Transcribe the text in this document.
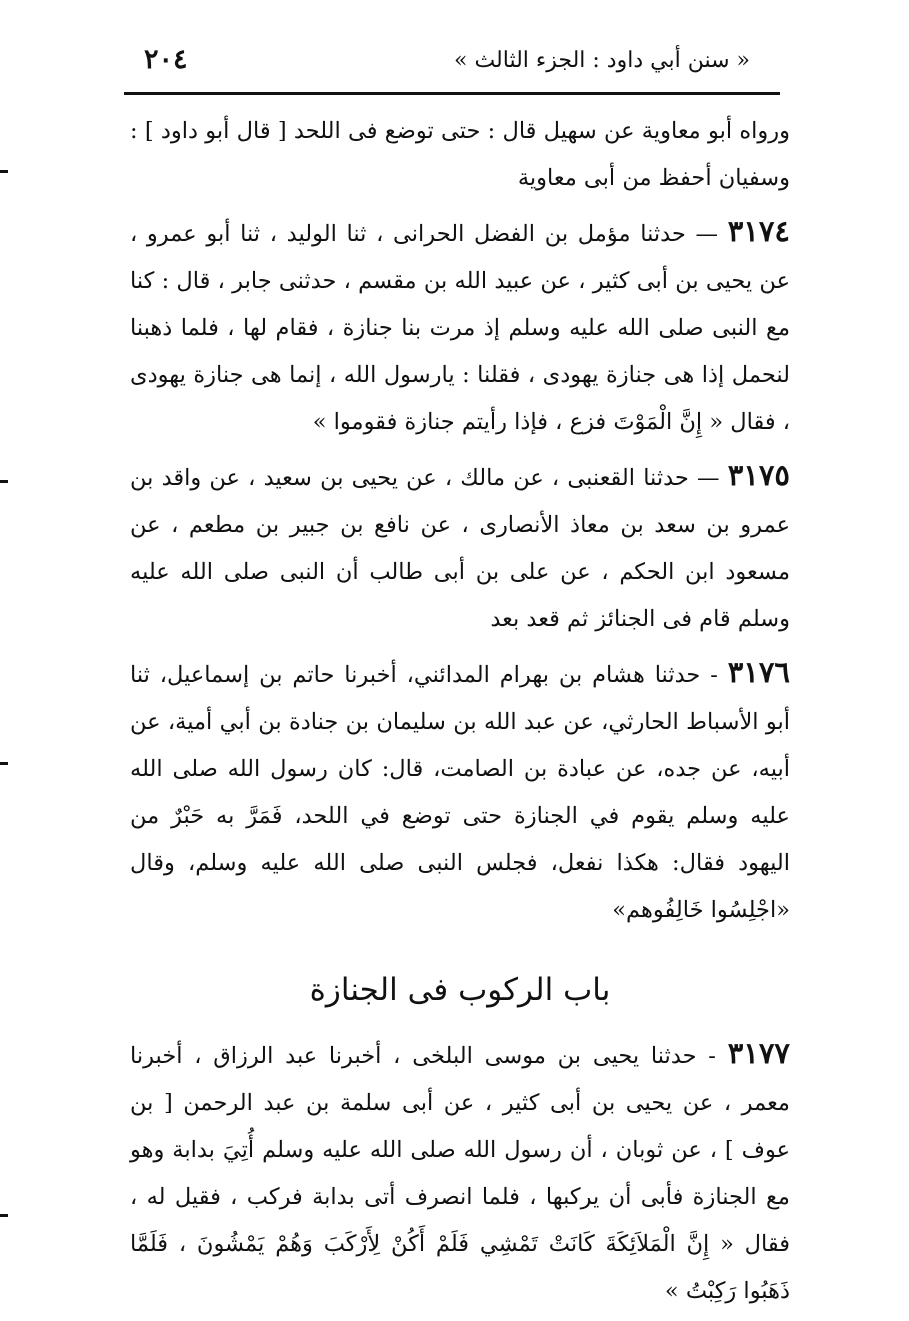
٢٠٤	« سنن أبي داود : الجزء الثالث »

ورواه أبو معاوية عن سهيل قال : حتى توضع فى اللحد [ قال أبو داود ] : وسفيان أحفظ من أبى معاوية

٣١٧٤ — حدثنا مؤمل بن الفضل الحرانى ، ثنا الوليد ، ثنا أبو عمرو ، عن يحيى بن أبى كثير ، عن عبيد الله بن مقسم ، حدثنى جابر ، قال : كنا مع النبى صلى الله عليه وسلم إذ مرت بنا جنازة ، فقام لها ، فلما ذهبنا لنحمل إذا هى جنازة يهودى ، فقلنا : يارسول الله ، إنما هى جنازة يهودى ، فقال « إِنَّ الْمَوْتَ فزع ، فإذا رأيتم جنازة فقوموا »

٣١٧٥ — حدثنا القعنبى ، عن مالك ، عن يحيى بن سعيد ، عن واقد بن عمرو بن سعد بن معاذ الأنصارى ، عن نافع بن جبير بن مطعم ، عن مسعود ابن الحكم ، عن على بن أبى طالب أن النبى صلى الله عليه وسلم قام فى الجنائز ثم قعد بعد

٣١٧٦ - حدثنا هشام بن بهرام المدائني، أخبرنا حاتم بن إسماعيل، ثنا أبو الأسباط الحارثي، عن عبد الله بن سليمان بن جنادة بن أبي أمية، عن أبيه، عن جده، عن عبادة بن الصامت، قال: كان رسول الله صلى الله عليه وسلم يقوم في الجنازة حتى توضع في اللحد، فَمَرَّ به حَبْرٌ من اليهود فقال: هكذا نفعل، فجلس النبى صلى الله عليه وسلم، وقال «اجْلِسُوا خَالِفُوهم»

باب الركوب فى الجنازة

٣١٧٧ - حدثنا يحيى بن موسى البلخى ، أخبرنا عبد الرزاق ، أخبرنا معمر ، عن يحيى بن أبى كثير ، عن أبى سلمة بن عبد الرحمن [ بن عوف ] ، عن ثوبان ، أن رسول الله صلى الله عليه وسلم أُتِيَ بدابة وهو مع الجنازة فأبى أن يركبها ، فلما انصرف أتى بدابة فركب ، فقيل له ، فقال « إِنَّ الْمَلاَئِكَةَ كَانَتْ تَمْشِي فَلَمْ أَكُنْ لِأَرْكَبَ وَهُمْ يَمْشُونَ ، فَلَمَّا ذَهَبُوا رَكِبْتُ »
